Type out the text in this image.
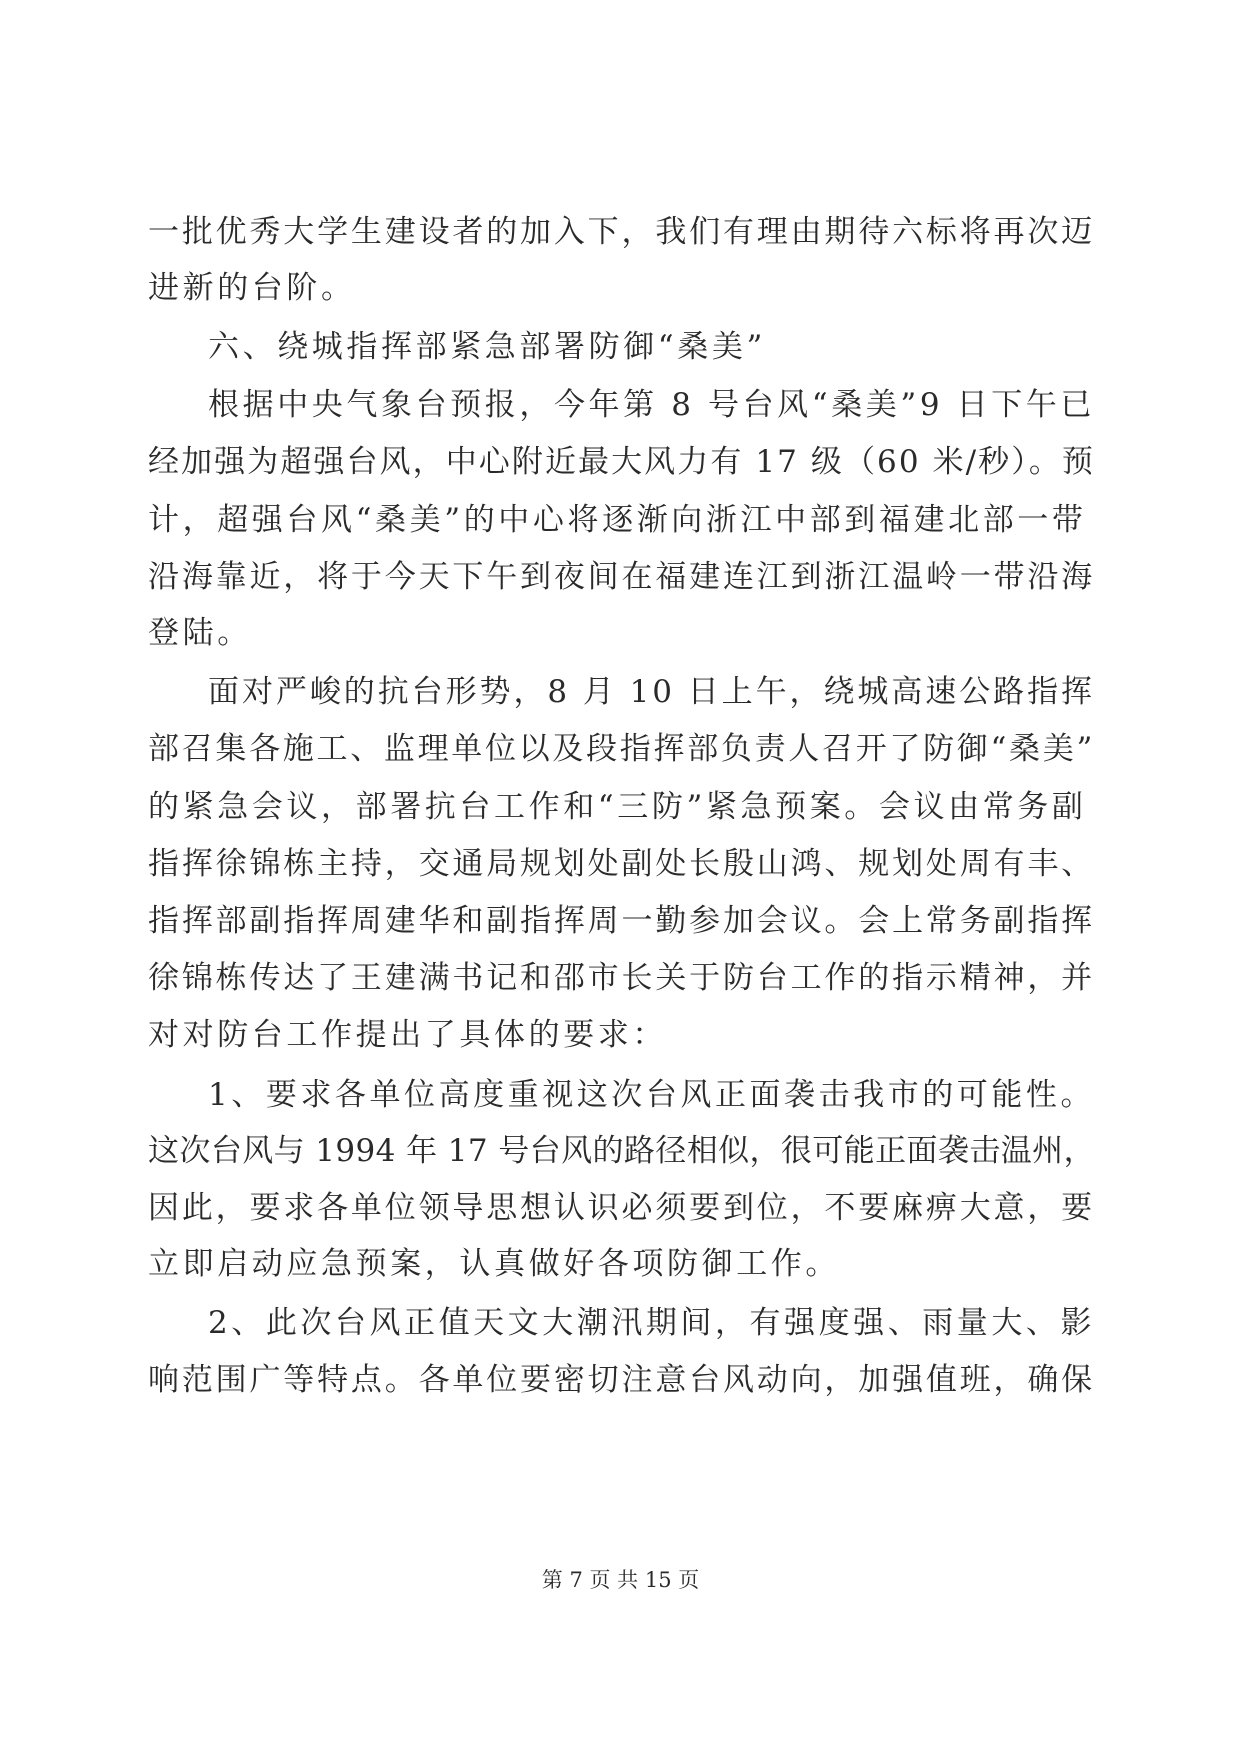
一批优秀大学生建设者的加入下，我们有理由期待六标将再次迈
进新的台阶。
六、绕城指挥部紧急部署防御“桑美”
根据中央气象台预报，今年第 8 号台风“桑美”9 日下午已
经加强为超强台风，中心附近最大风力有 17 级（60 米/秒）。预
计，超强台风“桑美”的中心将逐渐向浙江中部到福建北部一带
沿海靠近，将于今天下午到夜间在福建连江到浙江温岭一带沿海
登陆。
面对严峻的抗台形势，8 月 10 日上午，绕城高速公路指挥
部召集各施工、监理单位以及段指挥部负责人召开了防御“桑美”
的紧急会议，部署抗台工作和“三防”紧急预案。会议由常务副
指挥徐锦栋主持，交通局规划处副处长殷山鸿、规划处周有丰、
指挥部副指挥周建华和副指挥周一勤参加会议。会上常务副指挥
徐锦栋传达了王建满书记和邵市长关于防台工作的指示精神，并
对对防台工作提出了具体的要求：
1、要求各单位高度重视这次台风正面袭击我市的可能性。
这次台风与 1994 年 17 号台风的路径相似，很可能正面袭击温州，
因此，要求各单位领导思想认识必须要到位，不要麻痹大意，要
立即启动应急预案，认真做好各项防御工作。
2、此次台风正值天文大潮汛期间，有强度强、雨量大、影
响范围广等特点。各单位要密切注意台风动向，加强值班，确保
第 7 页 共 15 页
